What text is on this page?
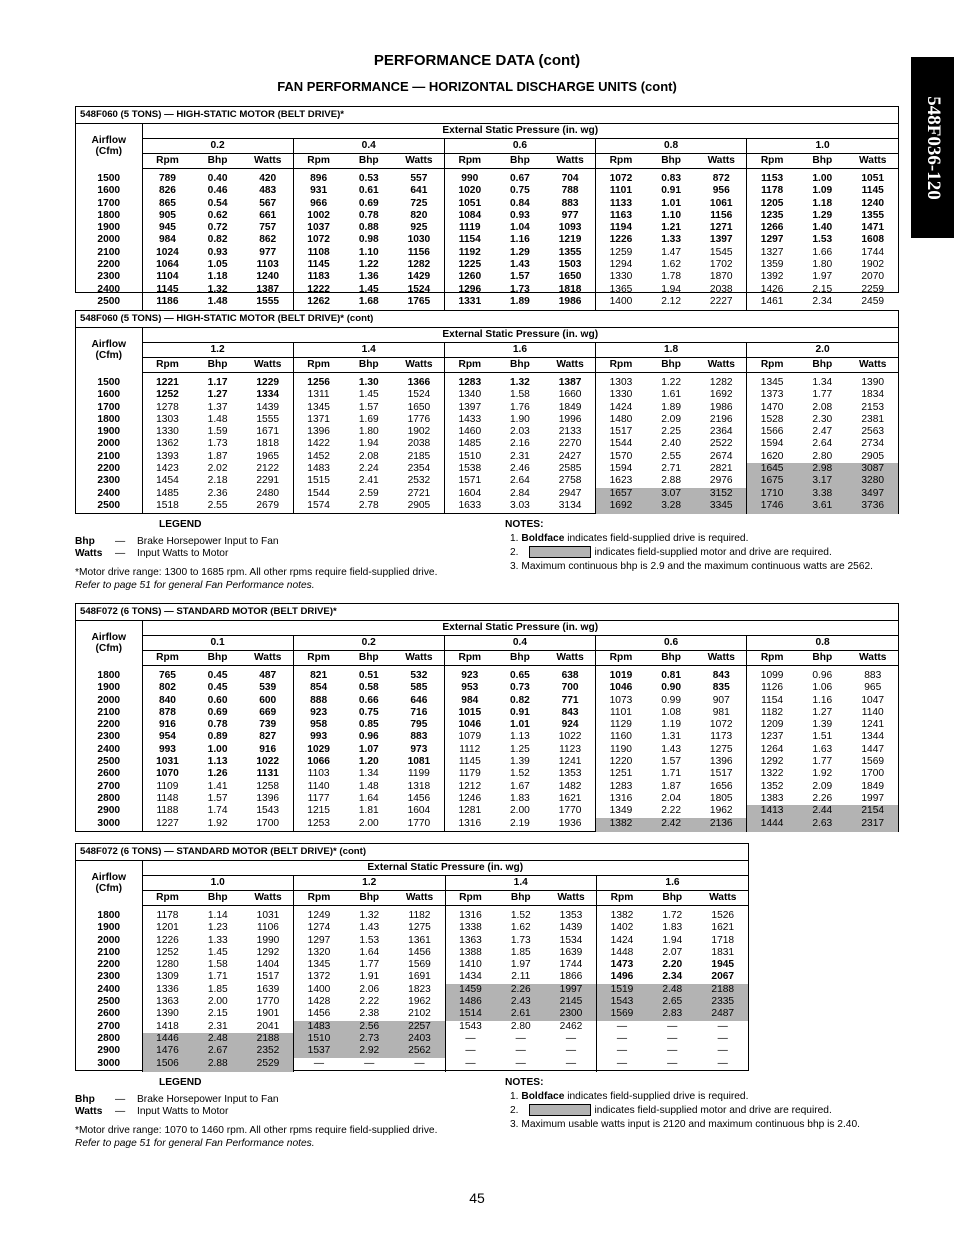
PERFORMANCE DATA (cont)
FAN PERFORMANCE — HORIZONTAL DISCHARGE UNITS (cont)
548F036-120
548F060 (5 TONS) — HIGH-STATIC MOTOR (BELT DRIVE)*															
Airflow (Cfm)	External Static Pressure (in. wg)														
	0.2			0.4			0.6			0.8			1.0		
	Rpm	Bhp	Watts	Rpm	Bhp	Watts	Rpm	Bhp	Watts	Rpm	Bhp	Watts	Rpm	Bhp	Watts
1500	789	0.40	420	896	0.53	557	990	0.67	704	1072	0.83	872	1153	1.00	1051
1600	826	0.46	483	931	0.61	641	1020	0.75	788	1101	0.91	956	1178	1.09	1145
1700	865	0.54	567	966	0.69	725	1051	0.84	883	1133	1.01	1061	1205	1.18	1240
1800	905	0.62	661	1002	0.78	820	1084	0.93	977	1163	1.10	1156	1235	1.29	1355
1900	945	0.72	757	1037	0.88	925	1119	1.04	1093	1194	1.21	1271	1266	1.40	1471
2000	984	0.82	862	1072	0.98	1030	1154	1.16	1219	1226	1.33	1397	1297	1.53	1608
2100	1024	0.93	977	1108	1.10	1156	1192	1.29	1355	1259	1.47	1545	1327	1.66	1744
2200	1064	1.05	1103	1145	1.22	1282	1225	1.43	1503	1294	1.62	1702	1359	1.80	1902
2300	1104	1.18	1240	1183	1.36	1429	1260	1.57	1650	1330	1.78	1870	1392	1.97	2070
2400	1145	1.32	1387	1222	1.45	1524	1296	1.73	1818	1365	1.94	2038	1426	2.15	2259
2500	1186	1.48	1555	1262	1.68	1765	1331	1.89	1986	1400	2.12	2227	1461	2.34	2459
548F060 (5 TONS) — HIGH-STATIC MOTOR (BELT DRIVE)* (cont)															
Airflow (Cfm)	External Static Pressure (in. wg)														
	1.2			1.4			1.6			1.8			2.0		
	Rpm	Bhp	Watts	Rpm	Bhp	Watts	Rpm	Bhp	Watts	Rpm	Bhp	Watts	Rpm	Bhp	Watts
1500	1221	1.17	1229	1256	1.30	1366	1283	1.32	1387	1303	1.22	1282	1345	1.34	1390
1600	1252	1.27	1334	1311	1.45	1524	1340	1.58	1660	1330	1.61	1692	1373	1.77	1834
1700	1278	1.37	1439	1345	1.57	1650	1397	1.76	1849	1424	1.89	1986	1470	2.08	2153
1800	1303	1.48	1555	1371	1.69	1776	1433	1.90	1996	1480	2.09	2196	1528	2.30	2381
1900	1330	1.59	1671	1396	1.80	1902	1460	2.03	2133	1517	2.25	2364	1566	2.47	2563
2000	1362	1.73	1818	1422	1.94	2038	1485	2.16	2270	1544	2.40	2522	1594	2.64	2734
2100	1393	1.87	1965	1452	2.08	2185	1510	2.31	2427	1570	2.55	2674	1620	2.80	2905
2200	1423	2.02	2122	1483	2.24	2354	1538	2.46	2585	1594	2.71	2821	1645	2.98	3087
2300	1454	2.18	2291	1515	2.41	2532	1571	2.64	2758	1623	2.88	2976	1675	3.17	3280
2400	1485	2.36	2480	1544	2.59	2721	1604	2.84	2947	1657	3.07	3152	1710	3.38	3497
2500	1518	2.55	2679	1574	2.78	2905	1633	3.03	3134	1692	3.28	3345	1746	3.61	3736
LEGEND
Bhp — Brake Horsepower Input to Fan
Watts — Input Watts to Motor
*Motor drive range: 1300 to 1685 rpm. All other rpms require field-supplied drive.
Refer to page 51 for general Fan Performance notes.
NOTES:
1. Boldface indicates field-supplied drive is required.
2.	indicates field-supplied motor and drive are required.
3. Maximum continuous bhp is 2.9 and the maximum continuous watts are 2562.
548F072 (6 TONS) — STANDARD MOTOR (BELT DRIVE)*															
Airflow (Cfm)	External Static Pressure (in. wg)														
	0.1			0.2			0.4			0.6			0.8		
	Rpm	Bhp	Watts	Rpm	Bhp	Watts	Rpm	Bhp	Watts	Rpm	Bhp	Watts	Rpm	Bhp	Watts
1800	765	0.45	487	821	0.51	532	923	0.65	638	1019	0.81	843	1099	0.96	883
1900	802	0.45	539	854	0.58	585	953	0.73	700	1046	0.90	835	1126	1.06	965
2000	840	0.60	600	888	0.66	646	984	0.82	771	1073	0.99	907	1154	1.16	1047
2100	878	0.69	669	923	0.75	716	1015	0.91	843	1101	1.08	981	1182	1.27	1140
2200	916	0.78	739	958	0.85	795	1046	1.01	924	1129	1.19	1072	1209	1.39	1241
2300	954	0.89	827	993	0.96	883	1079	1.13	1022	1160	1.31	1173	1237	1.51	1344
2400	993	1.00	916	1029	1.07	973	1112	1.25	1123	1190	1.43	1275	1264	1.63	1447
2500	1031	1.13	1022	1066	1.20	1081	1145	1.39	1241	1220	1.57	1396	1292	1.77	1569
2600	1070	1.26	1131	1103	1.34	1199	1179	1.52	1353	1251	1.71	1517	1322	1.92	1700
2700	1109	1.41	1258	1140	1.48	1318	1212	1.67	1482	1283	1.87	1656	1352	2.09	1849
2800	1148	1.57	1396	1177	1.64	1456	1246	1.83	1621	1316	2.04	1805	1383	2.26	1997
2900	1188	1.74	1543	1215	1.81	1604	1281	2.00	1770	1349	2.22	1962	1413	2.44	2154
3000	1227	1.92	1700	1253	2.00	1770	1316	2.19	1936	1382	2.42	2136	1444	2.63	2317
548F072 (6 TONS) — STANDARD MOTOR (BELT DRIVE)* (cont)												
Airflow (Cfm)	External Static Pressure (in. wg)											
	1.0			1.2			1.4			1.6		
	Rpm	Bhp	Watts	Rpm	Bhp	Watts	Rpm	Bhp	Watts	Rpm	Bhp	Watts
1800	1178	1.14	1031	1249	1.32	1182	1316	1.52	1353	1382	1.72	1526
1900	1201	1.23	1106	1274	1.43	1275	1338	1.62	1439	1402	1.83	1621
2000	1226	1.33	1990	1297	1.53	1361	1363	1.73	1534	1424	1.94	1718
2100	1252	1.45	1292	1320	1.64	1456	1388	1.85	1639	1448	2.07	1831
2200	1280	1.58	1404	1345	1.77	1569	1410	1.97	1744	1473	2.20	1945
2300	1309	1.71	1517	1372	1.91	1691	1434	2.11	1866	1496	2.34	2067
2400	1336	1.85	1639	1400	2.06	1823	1459	2.26	1997	1519	2.48	2188
2500	1363	2.00	1770	1428	2.22	1962	1486	2.43	2145	1543	2.65	2335
2600	1390	2.15	1901	1456	2.38	2102	1514	2.61	2300	1569	2.83	2487
2700	1418	2.31	2041	1483	2.56	2257	1543	2.80	2462	—	—	—
2800	1446	2.48	2188	1510	2.73	2403	—	—	—	—	—	—
2900	1476	2.67	2352	1537	2.92	2562	—	—	—	—	—	—
3000	1506	2.88	2529	—	—	—	—	—	—	—	—	—
LEGEND
Bhp — Brake Horsepower Input to Fan
Watts — Input Watts to Motor
*Motor drive range: 1070 to 1460 rpm. All other rpms require field-supplied drive.
Refer to page 51 for general Fan Performance notes.
NOTES:
1. Boldface indicates field-supplied drive is required.
2.	indicates field-supplied motor and drive are required.
3. Maximum usable watts input is 2120 and maximum continuous bhp is 2.40.
45
